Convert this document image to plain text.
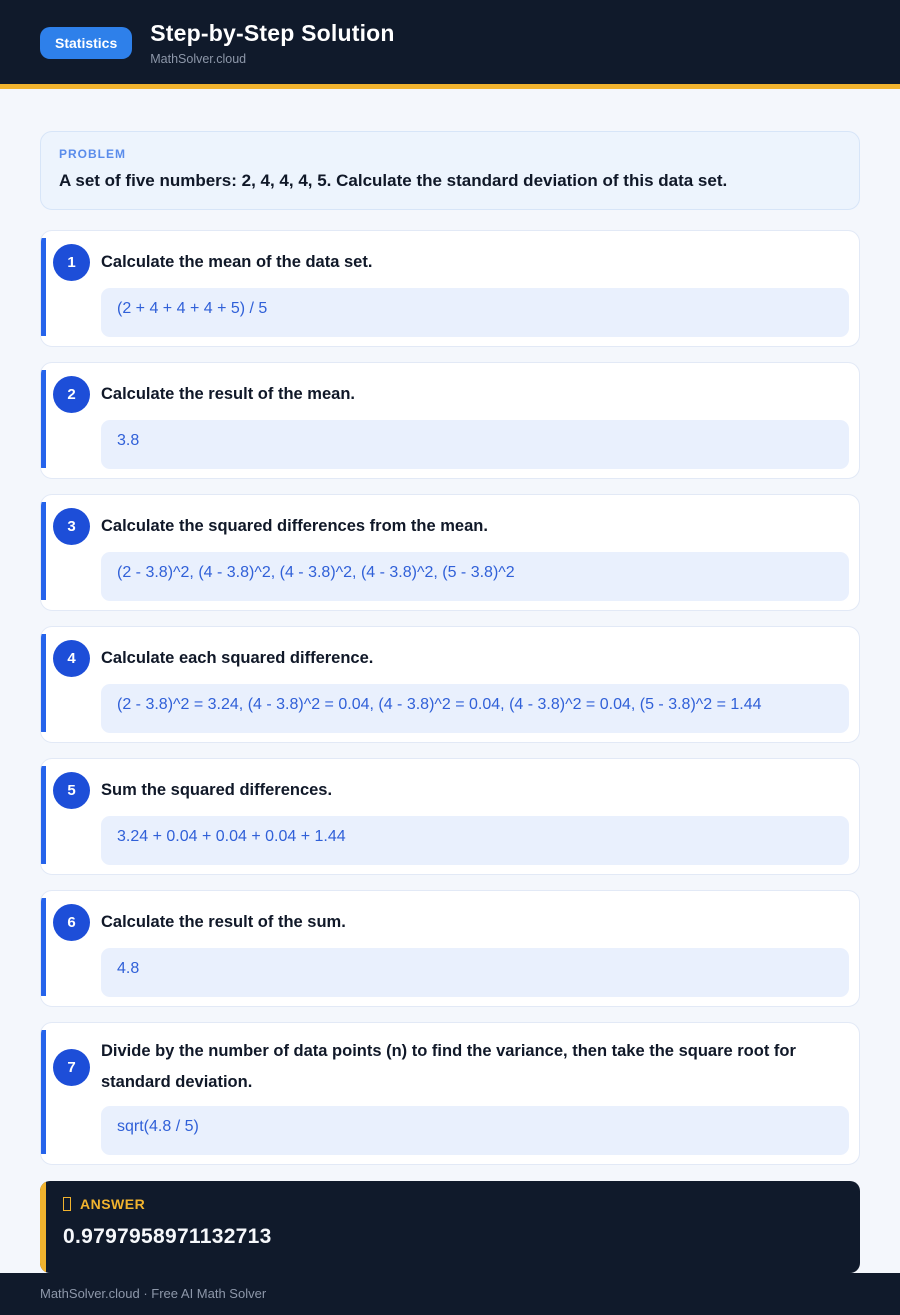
Statistics	Step-by-Step Solution
MathSolver.cloud
PROBLEM
A set of five numbers: 2, 4, 4, 4, 5. Calculate the standard deviation of this data set.
1	Calculate the mean of the data set.
(2 + 4 + 4 + 4 + 5) / 5
2	Calculate the result of the mean.
3.8
3	Calculate the squared differences from the mean.
(2 - 3.8)^2, (4 - 3.8)^2, (4 - 3.8)^2, (4 - 3.8)^2, (5 - 3.8)^2
4	Calculate each squared difference.
(2 - 3.8)^2 = 3.24, (4 - 3.8)^2 = 0.04, (4 - 3.8)^2 = 0.04, (4 - 3.8)^2 = 0.04, (5 - 3.8)^2 = 1.44
5	Sum the squared differences.
3.24 + 0.04 + 0.04 + 0.04 + 1.44
6	Calculate the result of the sum.
4.8
7
Divide by the number of data points (n) to find the variance, then take the square root for standard deviation.
sqrt(4.8 / 5)
ANSWER
0.9797958971132713
MathSolver.cloud · Free AI Math Solver
